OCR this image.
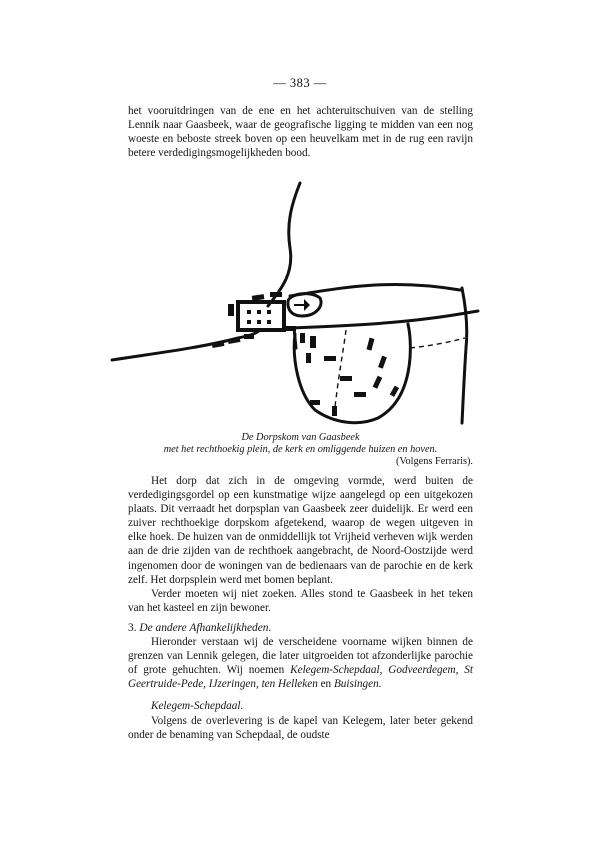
— 383 —

het vooruitdringen van de ene en het achteruitschuiven van de stelling Lennik naar Gaasbeek, waar de geografische ligging te midden van een nog woeste en beboste streek boven op een heuvelkam met in de rug een ravijn betere verdedigingsmogelijkheden bood.

De Dorpskom van Gaasbeek
met het rechthoekig plein, de kerk en omliggende huizen en hoven.
(Volgens Ferraris).

Het dorp dat zich in de omgeving vormde, werd buiten de verdedigingsgordel op een kunstmatige wijze aangelegd op een uitgekozen plaats. Dit verraadt het dorpsplan van Gaasbeek zeer duidelijk. Er werd een zuiver rechthoekige dorpskom afgetekend, waarop de wegen uitgeven in elke hoek. De huizen van de onmiddellijk tot Vrijheid verheven wijk werden aan de drie zijden van de rechthoek aangebracht, de Noord-Oostzijde werd ingenomen door de woningen van de bedienaars van de parochie en de kerk zelf. Het dorpsplein werd met bomen beplant.

Verder moeten wij niet zoeken. Alles stond te Gaasbeek in het teken van het kasteel en zijn bewoner.

3. De andere Afhankelijkheden.

Hieronder verstaan wij de verscheidene voorname wijken binnen de grenzen van Lennik gelegen, die later uitgroeiden tot afzonderlijke parochie of grote gehuchten. Wij noemen Kelegem-Schepdaal, Godveerdegem, St Geertruide-Pede, IJzeringen, ten Helleken en Buisingen.

Kelegem-Schepdaal.

Volgens de overlevering is de kapel van Kelegem, later beter gekend onder de benaming van Schepdaal, de oudste
